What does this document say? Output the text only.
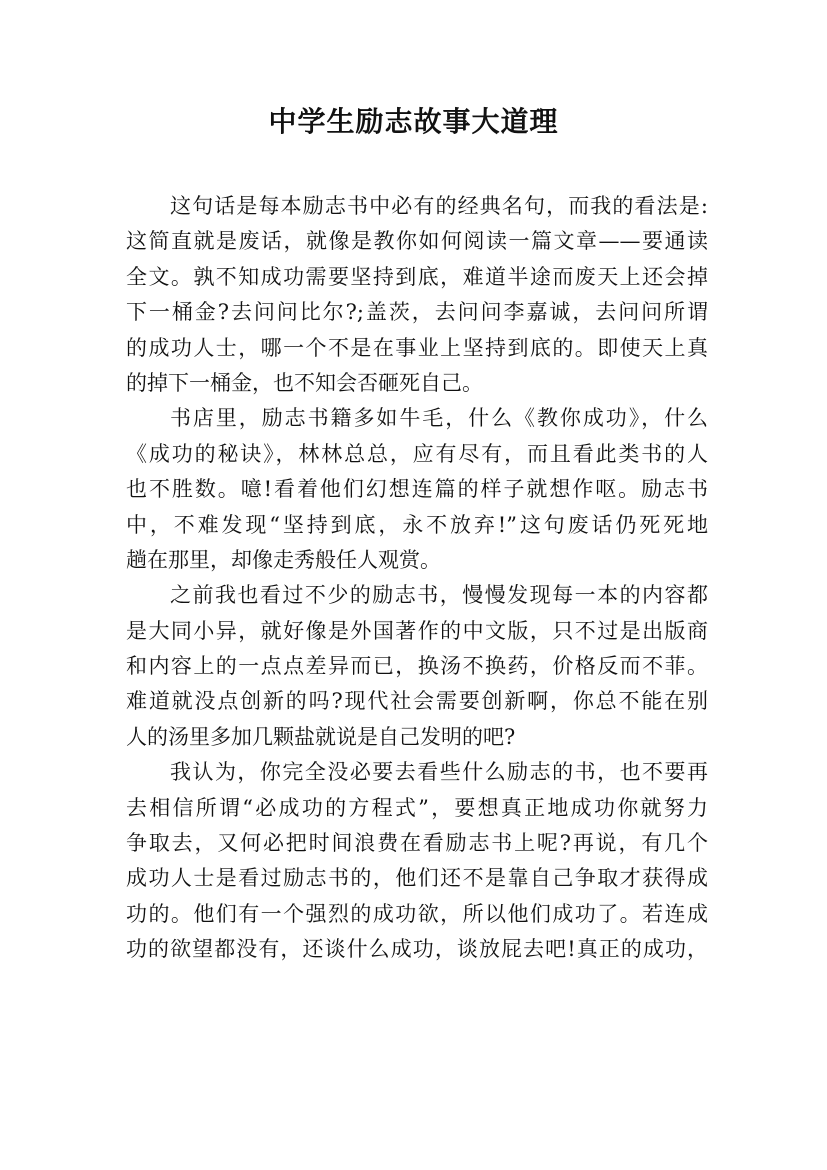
中学生励志故事大道理
这句话是每本励志书中必有的经典名句，而我的看法是:
这简直就是废话，就像是教你如何阅读一篇文章——要通读
全文。孰不知成功需要坚持到底，难道半途而废天上还会掉
下一桶金?去问问比尔?;盖茨，去问问李嘉诚，去问问所谓
的成功人士，哪一个不是在事业上坚持到底的。即使天上真
的掉下一桶金，也不知会否砸死自己。
书店里，励志书籍多如牛毛，什么《教你成功》，什么
《成功的秘诀》，林林总总，应有尽有，而且看此类书的人
也不胜数。噫!看着他们幻想连篇的样子就想作呕。励志书
中，不难发现“坚持到底，永不放弃!”这句废话仍死死地
趟在那里，却像走秀般任人观赏。
之前我也看过不少的励志书，慢慢发现每一本的内容都
是大同小异，就好像是外国著作的中文版，只不过是出版商
和内容上的一点点差异而已，换汤不换药，价格反而不菲。
难道就没点创新的吗?现代社会需要创新啊，你总不能在别
人的汤里多加几颗盐就说是自己发明的吧?
我认为，你完全没必要去看些什么励志的书，也不要再
去相信所谓“必成功的方程式”，要想真正地成功你就努力
争取去，又何必把时间浪费在看励志书上呢?再说，有几个
成功人士是看过励志书的，他们还不是靠自己争取才获得成
功的。他们有一个强烈的成功欲，所以他们成功了。若连成
功的欲望都没有，还谈什么成功，谈放屁去吧!真正的成功，
